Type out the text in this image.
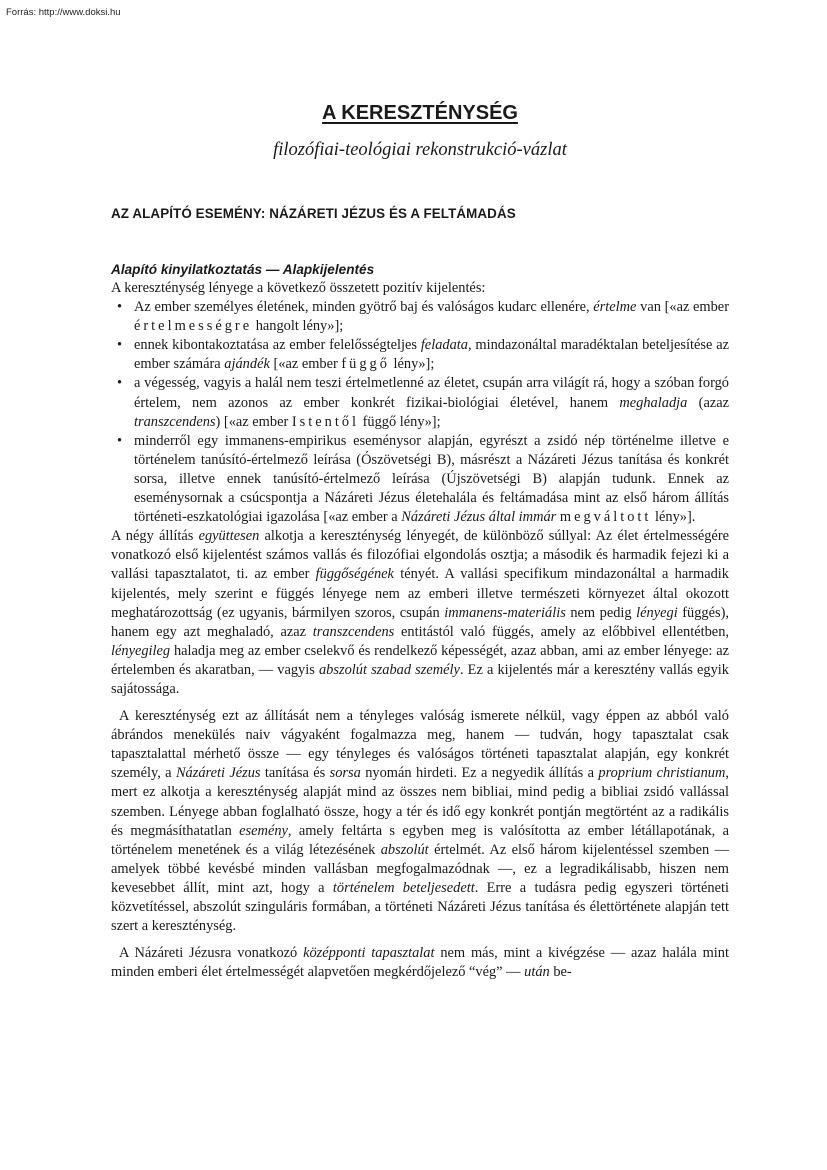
Forrás: http://www.doksi.hu
A KERESZTÉNYSÉG

filozófiai-teológiai rekonstrukció-vázlat

AZ ALAPÍTÓ ESEMÉNY: NÁZÁRETI JÉZUS ÉS A FELTÁMADÁS
Alapító kinyilatkoztatás — Alapkijelentés

A kereszténység lényege a következő összetett pozitív kijelentés:

• Az ember személyes életének, minden gyötrő baj és valóságos kudarc ellenére, értelme van [«az ember értelmességre hangolt lény»];
• ennek kibontakoztatása az ember felelősségteljes feladata, mindazonáltal maradéktalan beteljesítése az ember számára ajándék [«az ember függő lény»];
• a végesség, vagyis a halál nem teszi értelmetlenné az életet, csupán arra világít rá, hogy a szóban forgó értelem, nem azonos az ember konkrét fizikai-biológiai életével, hanem meghaladja (azaz transzcendens) [«az ember Istentől függő lény»];
• minderről egy immanens-empirikus eseménysor alapján, egyrészt a zsidó nép történelme illetve e történelem tanúsító-értelmező leírása (Ószövetségi B), másrészt a Názáreti Jézus tanítása és konkrét sorsa, illetve ennek tanúsító-értelmező leírása (Újszövetségi B) alapján tudunk. Ennek az eseménysornak a csúcspontja a Názáreti Jézus életehalála és feltámadása mint az első három állítás történeti-eszkatológiai igazolása [«az ember a Názáreti Jézus által immár megváltott lény»].

A négy állítás együttesen alkotja a kereszténység lényegét, de különböző súllyal: Az élet értelmességére vonatkozó első kijelentést számos vallás és filozófiai elgondolás osztja; a második és harmadik fejezi ki a vallási tapasztalatot, ti. az ember függőségének tényét. A vallási specifikum mindazonáltal a harmadik kijelentés, mely szerint e függés lényege nem az emberi illetve természeti környezet által okozott meghatározottság (ez ugyanis, bármilyen szoros, csupán immanens-materiális nem pedig lényegi függés), hanem egy azt meghaladó, azaz transzcendens entitástól való függés, amely az előbbivel ellentétben, lényegileg haladja meg az ember cselekvő és rendelkező képességét, azaz abban, ami az ember lényege: az értelemben és akaratban, — vagyis abszolút szabad személy. Ez a kijelentés már a keresztény vallás egyik sajátossága.

A kereszténység ezt az állítását nem a tényleges valóság ismerete nélkül, vagy éppen az abból való ábrándos menekülés naiv vágyaként fogalmazza meg, hanem — tudván, hogy tapasztalat csak tapasztalattal mérhető össze — egy tényleges és valóságos történeti tapasztalat alapján, egy konkrét személy, a Názáreti Jézus tanítása és sorsa nyomán hirdeti. Ez a negyedik állítás a proprium christianum, mert ez alkotja a kereszténység alapját mind az összes nem bibliai, mind pedig a bibliai zsidó vallással szemben. Lényege abban foglalható össze, hogy a tér és idő egy konkrét pontján megtörtént az a radikális és megmásíthatatlan esemény, amely feltárta s egyben meg is valósította az ember létállapotának, a történelem menetének és a világ létezésének abszolút értelmét. Az első három kijelentéssel szemben — amelyek többé kevésbé minden vallásban megfogalmazódnak —, ez a legradikálisabb, hiszen nem kevesebbet állít, mint azt, hogy a történelem beteljesedett. Erre a tudásra pedig egyszeri történeti közvetítéssel, abszolút szinguláris formában, a történeti Názáreti Jézus tanítása és élettörténete alapján tett szert a kereszténység.

A Názáreti Jézusra vonatkozó középponti tapasztalat nem más, mint a kivégzése — azaz halála mint minden emberi élet értelmességét alapvetően megkérdőjelező “vég” — után be-
